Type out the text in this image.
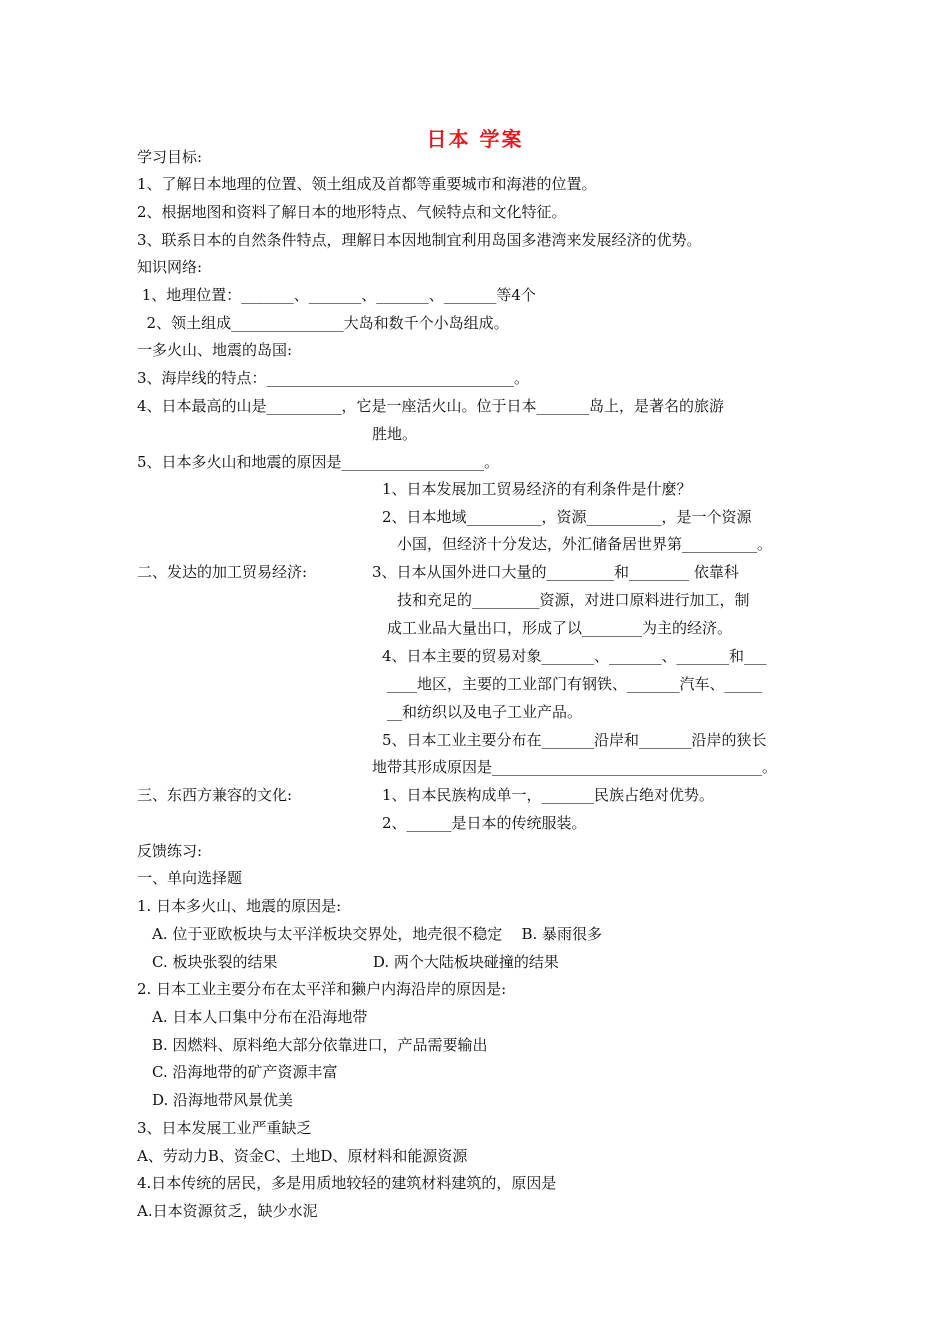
日本 学案
学习目标:
1、了解日本地理的位置、领土组成及首都等重要城市和海港的位置。
2、根据地图和资料了解日本的地形特点、气候特点和文化特征。
3、联系日本的自然条件特点，理解日本因地制宜利用岛国多港湾来发展经济的优势。
知识网络:
1、地理位置：_______、_______、_______、_______等4个
2、领土组成_______________大岛和数千个小岛组成。
一多火山、地震的岛国:
3、海岸线的特点：_________________________________。
4、日本最高的山是__________，它是一座活火山。位于日本_______岛上，是著名的旅游
胜地。
5、日本多火山和地震的原因是___________________。
1、日本发展加工贸易经济的有利条件是什麼？
2、日本地域__________，资源__________，是一个资源
小国，但经济十分发达，外汇储备居世界第__________。
二、发达的加工贸易经济:	3、日本从国外进口大量的_________和________ 依靠科
技和充足的_________资源，对进口原料进行加工，制
成工业品大量出口，形成了以________为主的经济。
4、日本主要的贸易对象_______、_______、_______和___
____地区，主要的工业部门有钢铁、_______汽车、_____
__和纺织以及电子工业产品。
5、日本工业主要分布在_______沿岸和_______沿岸的狭长
地带其形成原因是____________________________________。
三、东西方兼容的文化:	1、日本民族构成单一，_______民族占绝对优势。
2、______是日本的传统服装。
反馈练习:
一、单向选择题
1. 日本多火山、地震的原因是:
A. 位于亚欧板块与太平洋板块交界处，地壳很不稳定    B. 暴雨很多
C. 板块张裂的结果                    D. 两个大陆板块碰撞的结果
2. 日本工业主要分布在太平洋和獭户内海沿岸的原因是:
A. 日本人口集中分布在沿海地带
B. 因燃料、原料绝大部分依靠进口，产品需要输出
C. 沿海地带的矿产资源丰富
D. 沿海地带风景优美
3、日本发展工业严重缺乏
A、劳动力B、资金C、土地D、原材料和能源资源
4.日本传统的居民，多是用质地较轻的建筑材料建筑的，原因是
A.日本资源贫乏，缺少水泥
